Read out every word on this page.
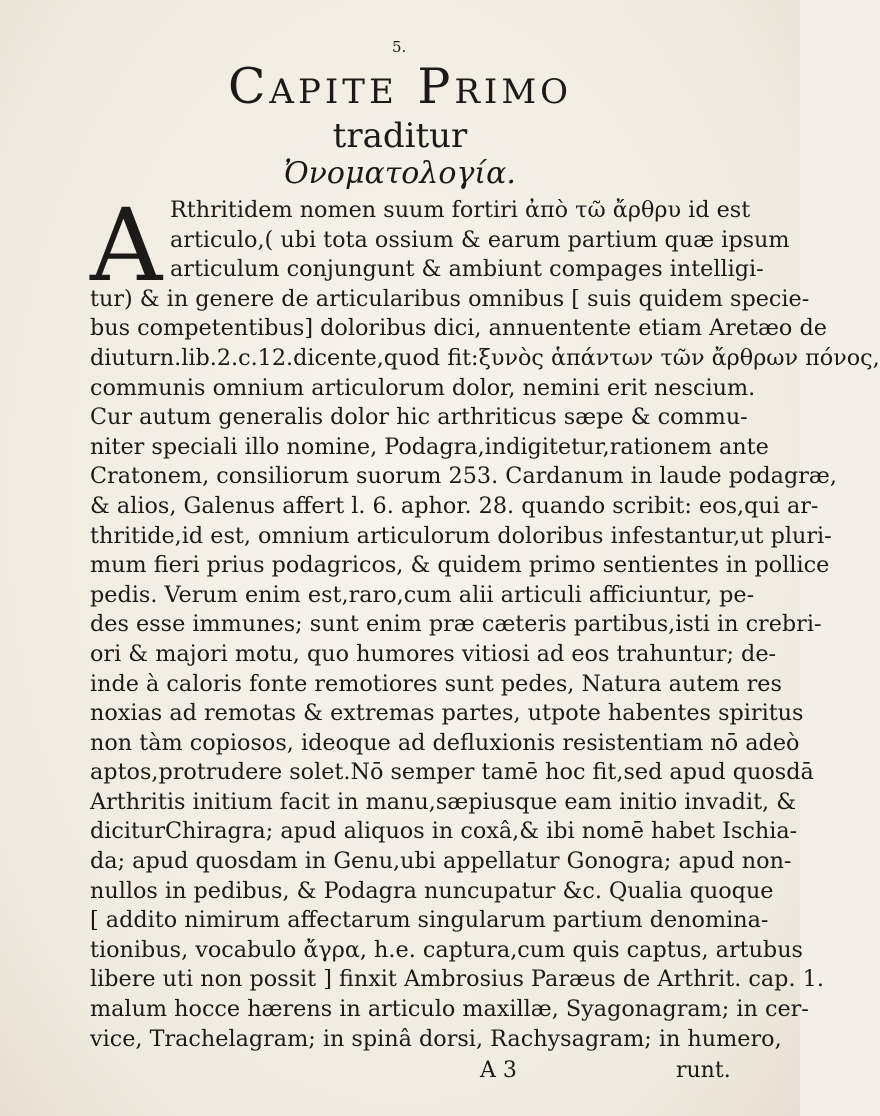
5.
Capite Primo
traditur
Ὀνοματολογία.
A Rthritidem nomen suum fortiri ἀπὸ τῶ ἄρθρυ id est
articulo,( ubi tota ossium & earum partium quæ ipsum
articulum conjungunt & ambiunt compages intelligi-
tur) & in genere de articularibus omnibus [ suis quidem specie-
bus competentibus] doloribus dici, annuentente etiam Aretæo de
diuturn.lib.2.c.12.dicente,quod fit:ξυνὸς ἁπάντων τῶν ἄρθρων πόνος,
communis omnium articulorum dolor, nemini erit nescium.
Cur autum generalis dolor hic arthriticus sæpe & commu-
niter speciali illo nomine, Podagra,indigitetur,rationem ante
Cratonem, consiliorum suorum 253. Cardanum in laude podagræ,
& alios, Galenus affert l. 6. aphor. 28. quando scribit: eos,qui ar-
thritide,id est, omnium articulorum doloribus infestantur,ut pluri-
mum fieri prius podagricos, & quidem primo sentientes in pollice
pedis. Verum enim est,raro,cum alii articuli afficiuntur, pe-
des esse immunes; sunt enim præ cæteris partibus,isti in crebri-
ori & majori motu, quo humores vitiosi ad eos trahuntur; de-
inde à caloris fonte remotiores sunt pedes, Natura autem res
noxias ad remotas & extremas partes, utpote habentes spiritus
non tàm copiosos, ideoque ad defluxionis resistentiam nō adeò
aptos,protrudere solet.Nō semper tamē hoc fit,sed apud quosdā
Arthritis initium facit in manu,sæpiusque eam initio invadit, &
diciturChiragra; apud aliquos in coxâ,& ibi nomē habet Ischia-
da; apud quosdam in Genu,ubi appellatur Gonogra; apud non-
nullos in pedibus, & Podagra nuncupatur &c. Qualia quoque
[ addito nimirum affectarum singularum partium denomina-
tionibus, vocabulo ἄγρα, h.e. captura,cum quis captus, artubus
libere uti non possit ] finxit Ambrosius Paræus de Arthrit. cap. 1.
malum hocce hærens in articulo maxillæ, Syagonagram; in cer-
vice, Trachelagram; in spinâ dorsi, Rachysagram; in humero,
A 3	runt.
